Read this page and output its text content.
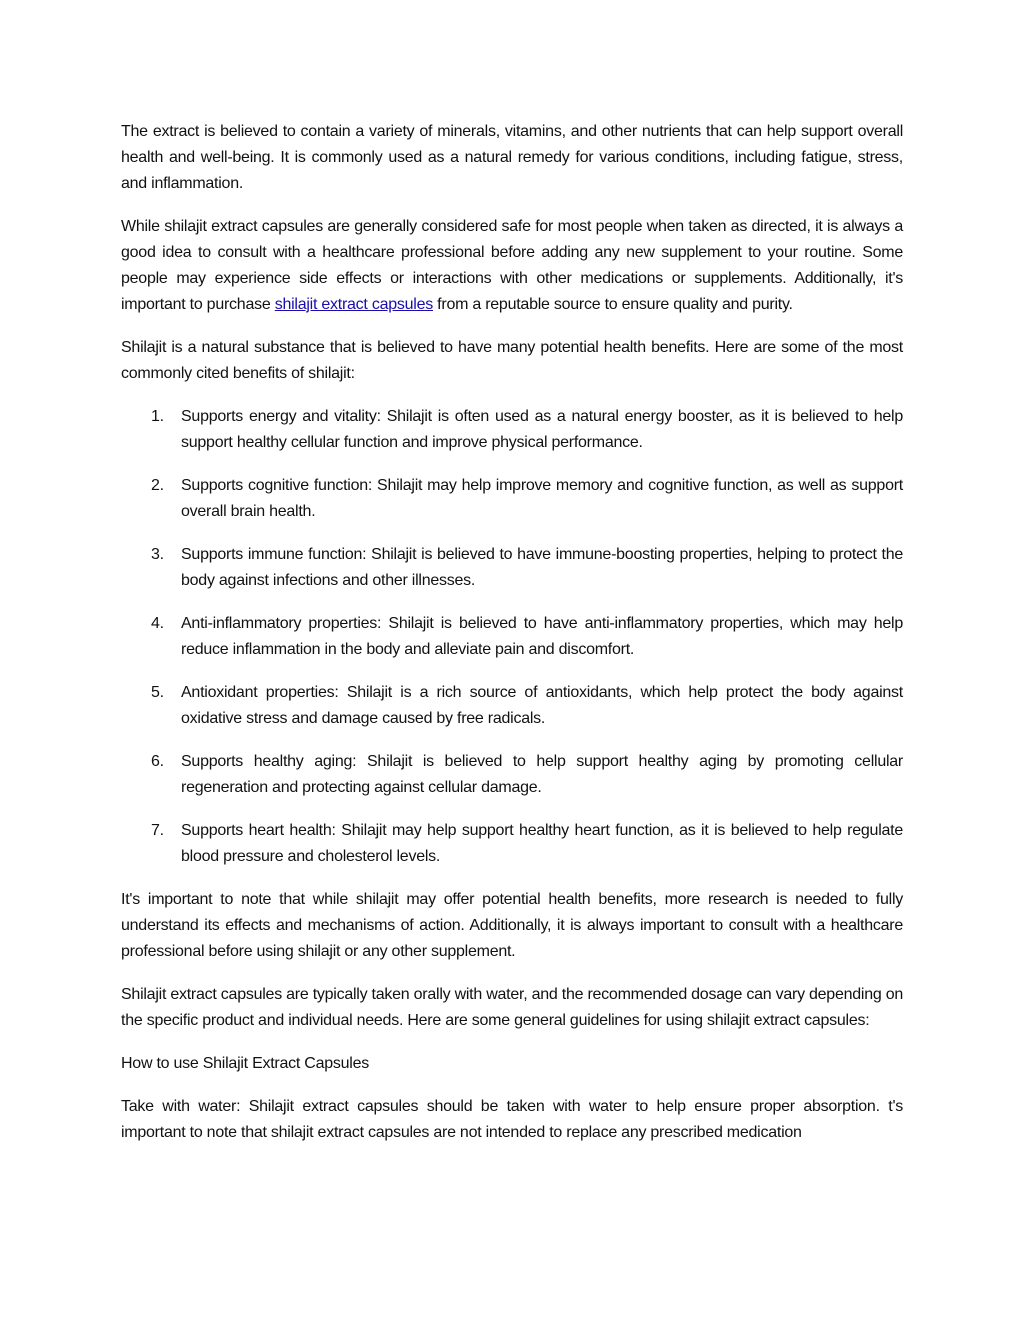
The extract is believed to contain a variety of minerals, vitamins, and other nutrients that can help support overall health and well-being. It is commonly used as a natural remedy for various conditions, including fatigue, stress, and inflammation.

While shilajit extract capsules are generally considered safe for most people when taken as directed, it is always a good idea to consult with a healthcare professional before adding any new supplement to your routine. Some people may experience side effects or interactions with other medications or supplements. Additionally, it's important to purchase shilajit extract capsules from a reputable source to ensure quality and purity.

Shilajit is a natural substance that is believed to have many potential health benefits. Here are some of the most commonly cited benefits of shilajit:

1. Supports energy and vitality: Shilajit is often used as a natural energy booster, as it is believed to help support healthy cellular function and improve physical performance.
2. Supports cognitive function: Shilajit may help improve memory and cognitive function, as well as support overall brain health.
3. Supports immune function: Shilajit is believed to have immune-boosting properties, helping to protect the body against infections and other illnesses.
4. Anti-inflammatory properties: Shilajit is believed to have anti-inflammatory properties, which may help reduce inflammation in the body and alleviate pain and discomfort.
5. Antioxidant properties: Shilajit is a rich source of antioxidants, which help protect the body against oxidative stress and damage caused by free radicals.
6. Supports healthy aging: Shilajit is believed to help support healthy aging by promoting cellular regeneration and protecting against cellular damage.
7. Supports heart health: Shilajit may help support healthy heart function, as it is believed to help regulate blood pressure and cholesterol levels.

It's important to note that while shilajit may offer potential health benefits, more research is needed to fully understand its effects and mechanisms of action. Additionally, it is always important to consult with a healthcare professional before using shilajit or any other supplement.

Shilajit extract capsules are typically taken orally with water, and the recommended dosage can vary depending on the specific product and individual needs. Here are some general guidelines for using shilajit extract capsules:

How to use Shilajit Extract Capsules

Take with water: Shilajit extract capsules should be taken with water to help ensure proper absorption. t's important to note that shilajit extract capsules are not intended to replace any prescribed medication
